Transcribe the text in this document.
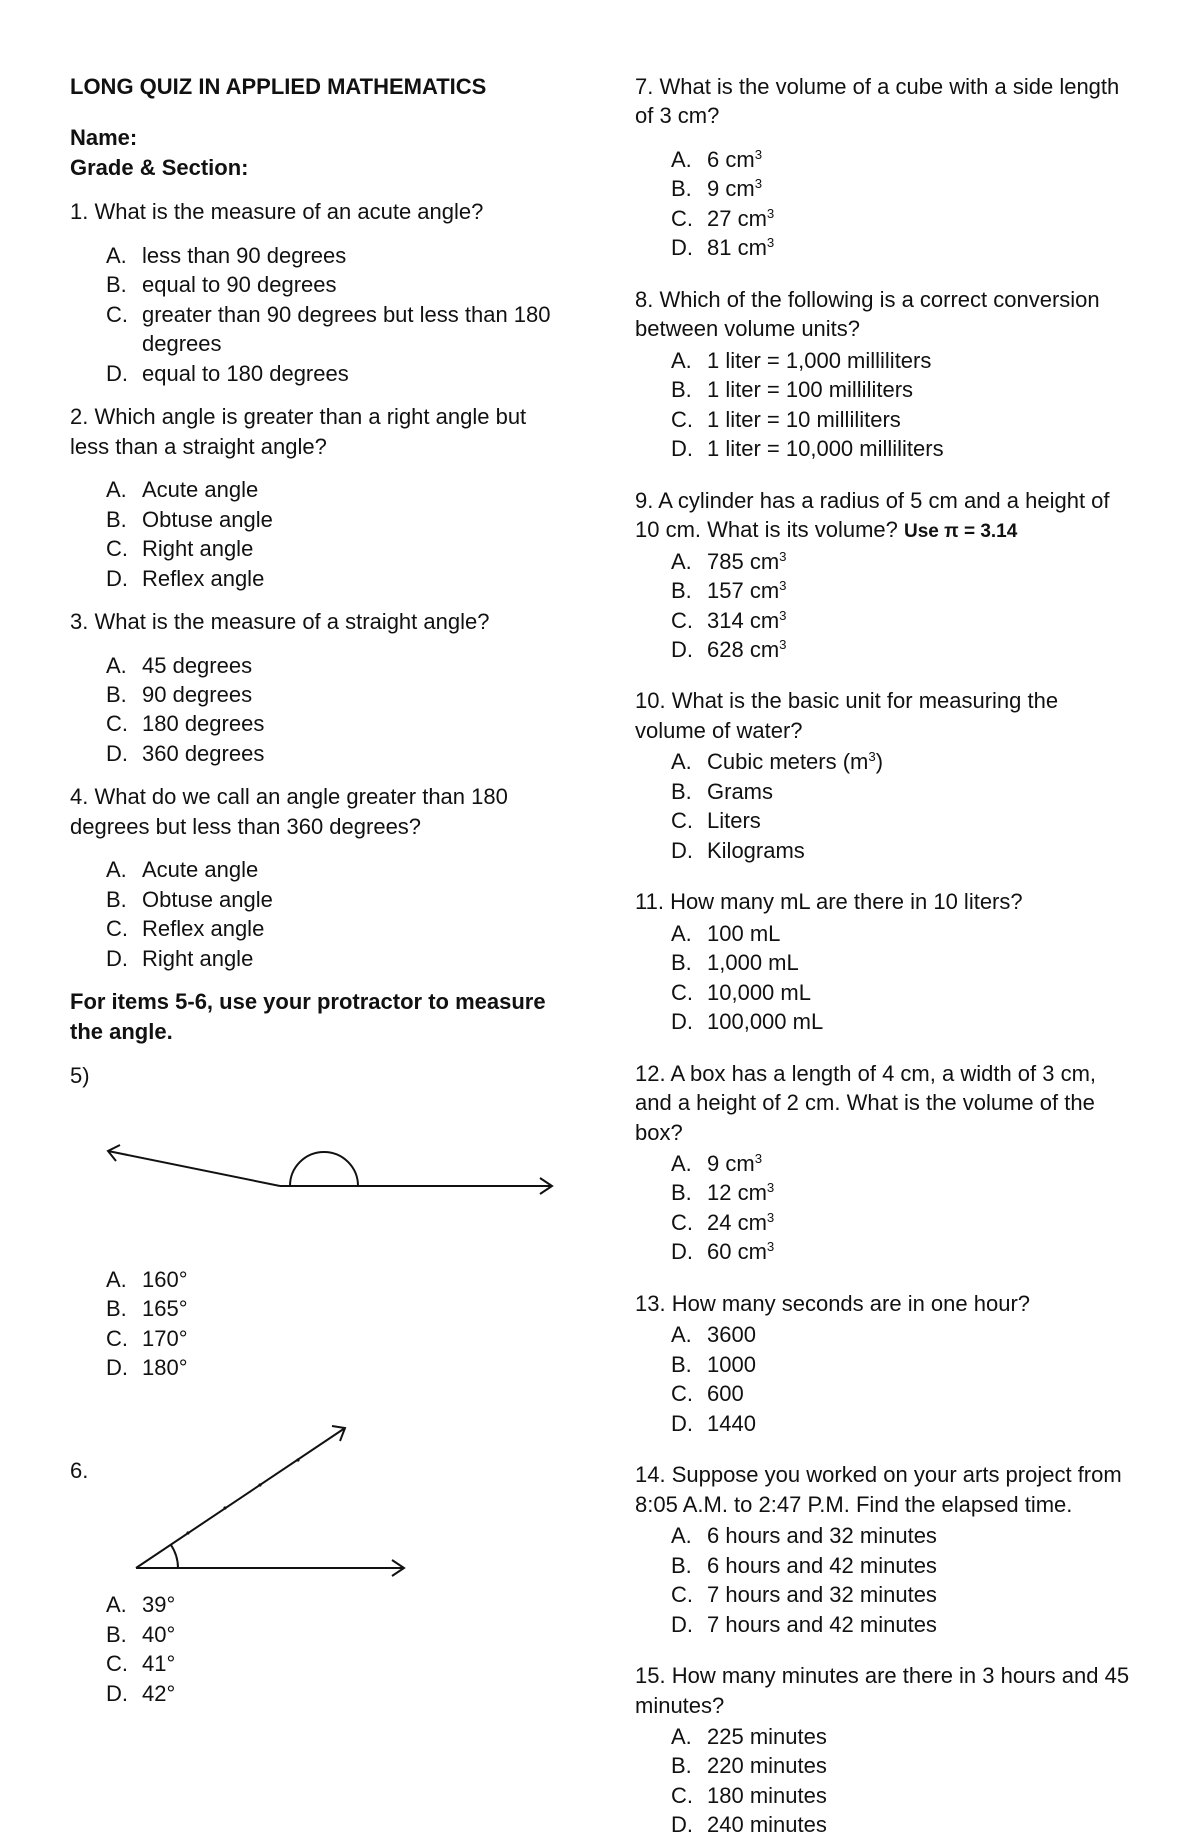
LONG QUIZ IN APPLIED MATHEMATICS

Name:

Grade & Section:

1. What is the measure of an acute angle?

A. less than 90 degrees
B. equal to 90 degrees
C. greater than 90 degrees but less than 180 degrees
D. equal to 180 degrees

2. Which angle is greater than a right angle but less than a straight angle?

A. Acute angle
B. Obtuse angle
C. Right angle
D. Reflex angle

3. What is the measure of a straight angle?

A. 45 degrees
B. 90 degrees
C. 180 degrees
D. 360 degrees

4. What do we call an angle greater than 180 degrees but less than 360 degrees?

A. Acute angle
B. Obtuse angle
C. Reflex angle
D. Right angle

For items 5-6, use your protractor to measure the angle.

5)

A. 160°
B. 165°
C. 170°
D. 180°

6.

A. 39°
B. 40°
C. 41°
D. 42°

7. What is the volume of a cube with a side length of 3 cm?

A. 6 $cm^3$
B. 9 $cm^3$
C. 27 $cm^3$
D. 81 $cm^3$

8. Which of the following is a correct conversion between volume units?

A. 1 liter = 1,000 milliliters
B. 1 liter = 100 milliliters
C. 1 liter = 10 milliliters
D. 1 liter = 10,000 milliliters

9. A cylinder has a radius of 5 cm and a height of 10 cm. What is its volume? Use π = 3.14

A. 785 $cm^3$
B. 157 $cm^3$
C. 314 $cm^3$
D. 628 $cm^3$

10. What is the basic unit for measuring the volume of water?

A. Cubic meters $(m^3)$
B. Grams
C. Liters
D. Kilograms

11. How many mL are there in 10 liters?

A. 100 mL
B. 1,000 mL
C. 10,000 mL
D. 100,000 mL

12. A box has a length of 4 cm, a width of 3 cm, and a height of 2 cm. What is the volume of the box?

A. 9 $cm^3$
B. 12 $cm^3$
C. 24 $cm^3$
D. 60 $cm^3$

13. How many seconds are in one hour?

A. 3600
B. 1000
C. 600
D. 1440

14. Suppose you worked on your arts project from 8:05 A.M. to 2:47 P.M. Find the elapsed time.

A. 6 hours and 32 minutes
B. 6 hours and 42 minutes
C. 7 hours and 32 minutes
D. 7 hours and 42 minutes

15. How many minutes are there in 3 hours and 45 minutes?

A. 225 minutes
B. 220 minutes
C. 180 minutes
D. 240 minutes
